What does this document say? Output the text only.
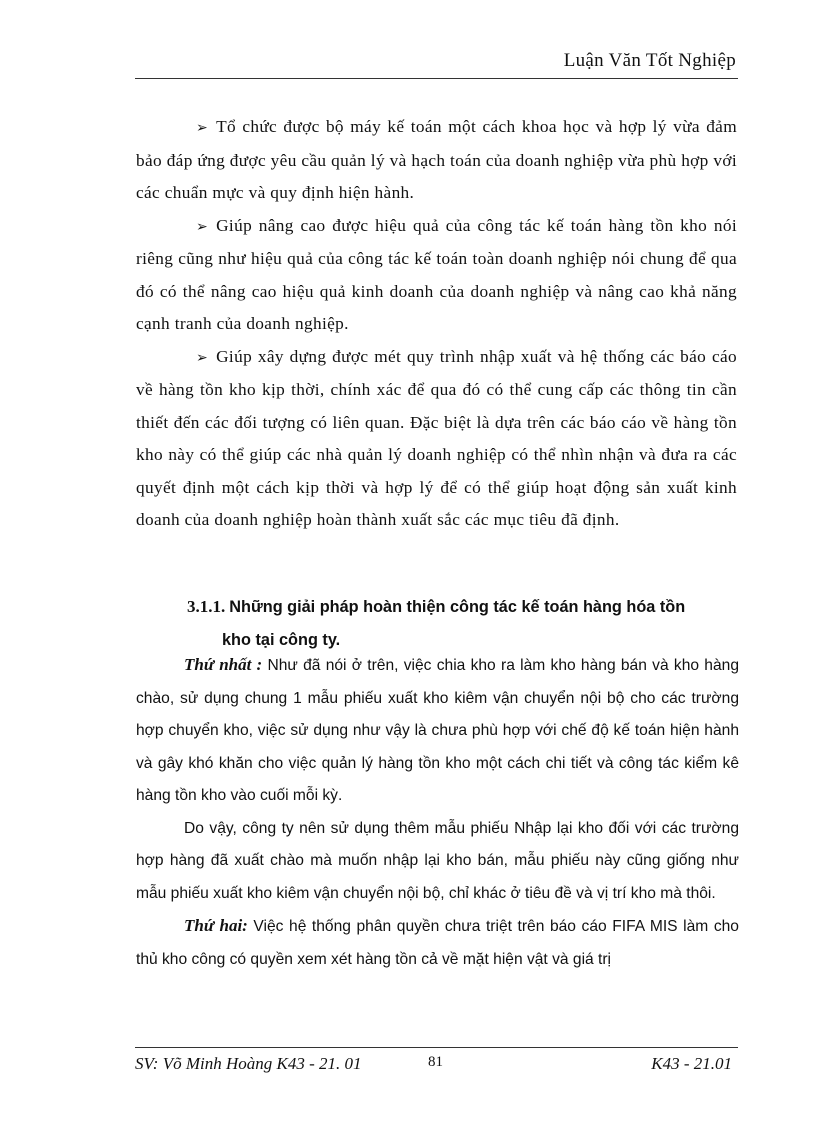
Luận Văn Tốt Nghiệp

➢ Tổ chức được bộ máy kế toán một cách khoa học và hợp lý vừa đảm bảo đáp ứng được yêu cầu quản lý và hạch toán của doanh nghiệp vừa phù hợp với các chuẩn mực và quy định hiện hành.

➢ Giúp nâng cao được hiệu quả của công tác kế toán hàng tồn kho nói riêng cũng như hiệu quả của công tác kế toán toàn doanh nghiệp nói chung để qua đó có thể nâng cao hiệu quả kinh doanh của doanh nghiệp và nâng cao khả năng cạnh tranh của doanh nghiệp.

➢ Giúp xây dựng được mét quy trình nhập xuất và hệ thống các báo cáo về hàng tồn kho kịp thời, chính xác để qua đó có thể cung cấp các thông tin cần thiết đến các đối tượng có liên quan. Đặc biệt là dựa trên các báo cáo về hàng tồn kho này có thể giúp các nhà quản lý doanh nghiệp có thể nhìn nhận và đưa ra các quyết định một cách kịp thời và hợp lý để có thể giúp hoạt động sản xuất kinh doanh của doanh nghiệp hoàn thành xuất sắc các mục tiêu đã định.

3.1.1. Những giải pháp hoàn thiện công tác kế toán hàng hóa tồn
kho tại công ty.

Thứ nhất : Như đã nói ở trên, việc chia kho ra làm kho hàng bán và kho hàng chào, sử dụng chung 1 mẫu phiếu xuất kho kiêm vận chuyển nội bộ cho các trường hợp chuyển kho, việc sử dụng như vậy là chưa phù hợp với chế độ kế toán hiện hành và gây khó khăn cho việc quản lý hàng tồn kho một cách chi tiết và công tác kiểm kê hàng tồn kho vào cuối mỗi kỳ.

Do vậy, công ty nên sử dụng thêm mẫu phiếu Nhập lại kho đối với các trường hợp hàng đã xuất chào mà muốn nhập lại kho bán, mẫu phiếu này cũng giống như mẫu phiếu xuất kho kiêm vận chuyển nội bộ, chỉ khác ở tiêu đề và vị trí kho mà thôi.

Thứ hai: Việc hệ thống phân quyền chưa triệt trên báo cáo FIFA MIS làm cho thủ kho công có quyền xem xét hàng tồn cả về mặt hiện vật và giá trị

SV: Võ Minh Hoàng K43 - 21. 01	81	K43 - 21.01
